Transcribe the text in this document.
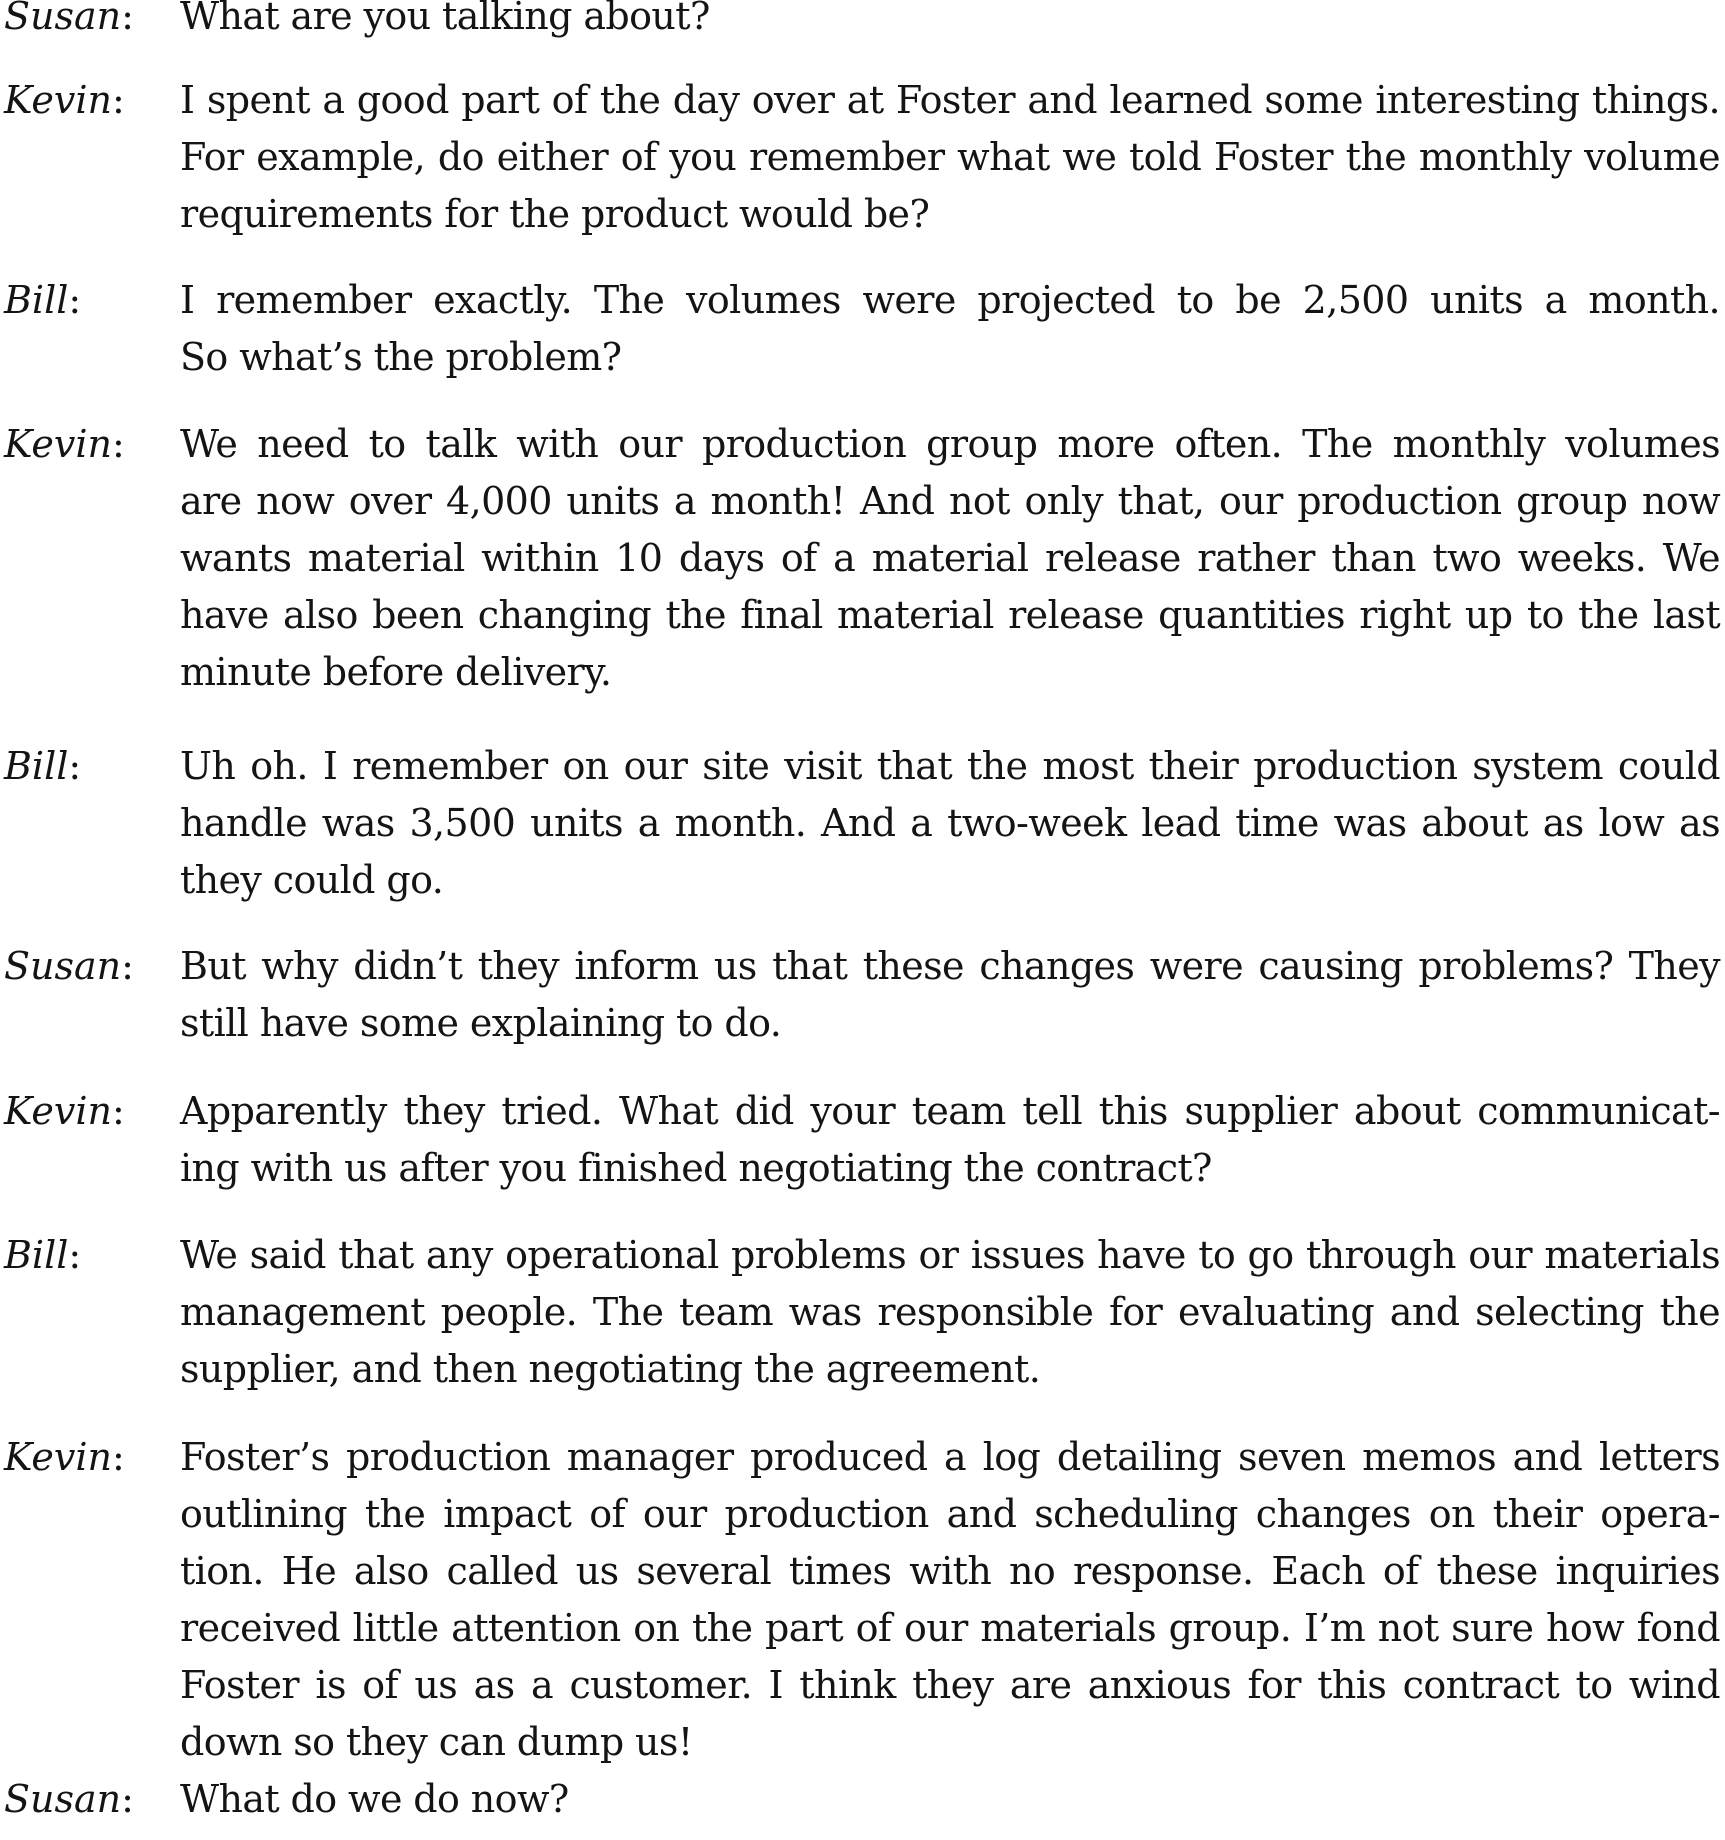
Susan: What are you talking about?
Kevin: I spent a good part of the day over at Foster and learned some interesting things.
For example, do either of you remember what we told Foster the monthly volume
requirements for the product would be?
Bill:	I remember exactly. The volumes were projected to be 2,500 units a month.
So what’s the problem?
Kevin: We need to talk with our production group more often. The monthly volumes
are now over 4,000 units a month! And not only that, our production group now
wants material within 10 days of a material release rather than two weeks. We
have also been changing the final material release quantities right up to the last
minute before delivery.
Bill:	Uh oh. I remember on our site visit that the most their production system could
handle was 3,500 units a month. And a two-week lead time was about as low as
they could go.
Susan: But why didn’t they inform us that these changes were causing problems? They
still have some explaining to do.
Kevin: Apparently they tried. What did your team tell this supplier about communicat-
ing with us after you finished negotiating the contract?
Bill:	We said that any operational problems or issues have to go through our materials
management people. The team was responsible for evaluating and selecting the
supplier, and then negotiating the agreement.
Kevin: Foster’s production manager produced a log detailing seven memos and letters
outlining the impact of our production and scheduling changes on their opera-
tion. He also called us several times with no response. Each of these inquiries
received little attention on the part of our materials group. I’m not sure how fond
Foster is of us as a customer. I think they are anxious for this contract to wind
down so they can dump us!
Susan: What do we do now?
